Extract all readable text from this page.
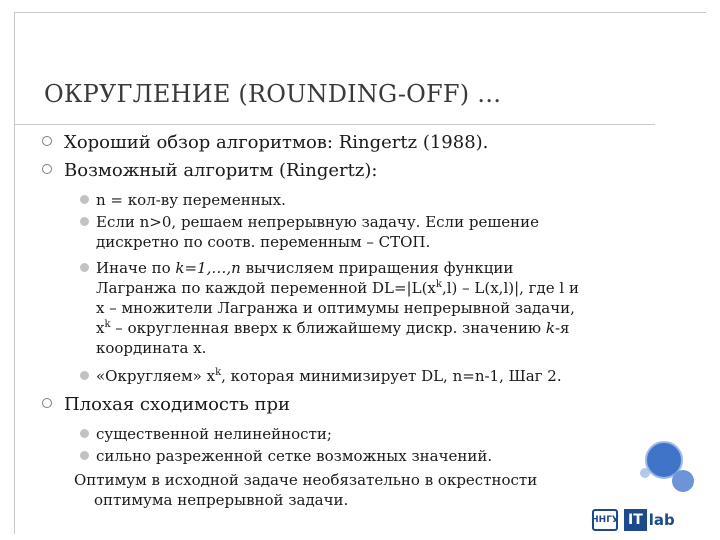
ОКРУГЛЕНИЕ (ROUNDING-OFF) …
Хороший обзор алгоритмов: Ringertz (1988).
Возможный алгоритм (Ringertz):
n = кол-ву переменных.
Если n>0, решаем непрерывную задачу. Если решение
дискретно по соотв. переменным – СТОП.
Иначе по k=1,…,n вычисляем приращения функции
Лагранжа по каждой переменной $DL=|L(x^k,l) - L(x,l)|$, где l и
x – множители Лагранжа и оптимумы непрерывной задачи,
$x^k$ – округленная вверх к ближайшему дискр. значению k-я
координата x.
«Округляем» $x^k$, которая минимизирует DL, n=n-1, Шаг 2.
Плохая сходимость при
существенной нелинейности;
сильно разреженной сетке возможных значений.
Оптимум в исходной задаче необязательно в окрестности
оптимума непрерывной задачи.
ННГУ IT lab
